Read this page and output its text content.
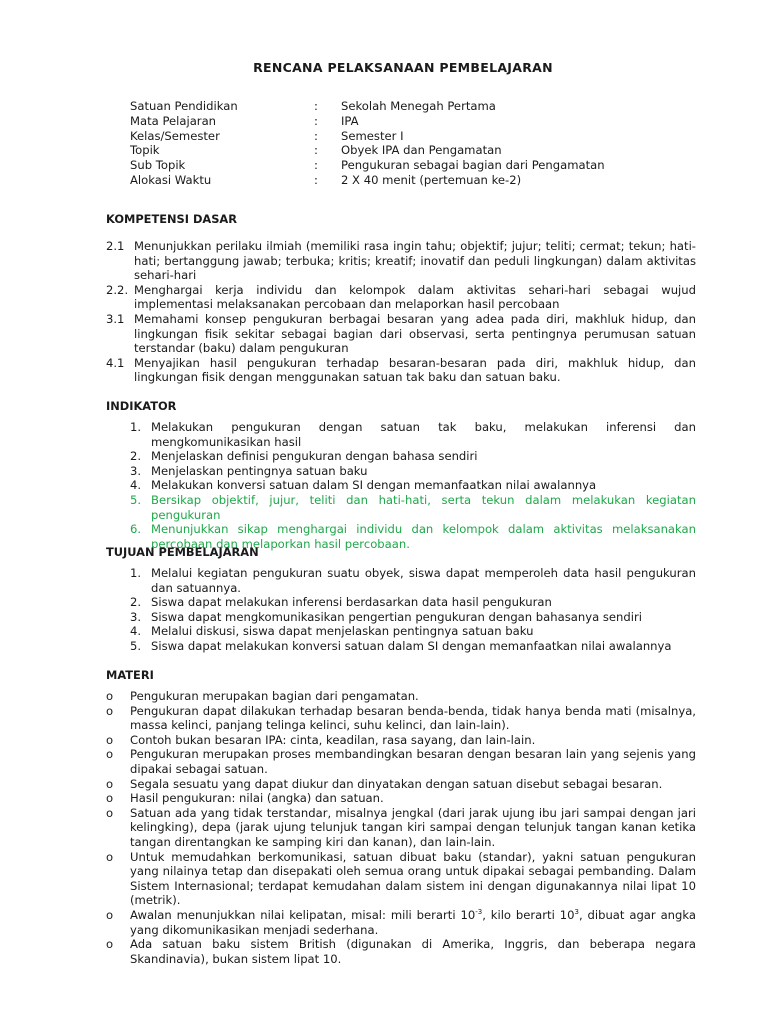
RENCANA PELAKSANAAN PEMBELAJARAN
Satuan Pendidikan	: Sekolah Menegah Pertama
Mata Pelajaran	: IPA
Kelas/Semester	: Semester I
Topik	: Obyek IPA dan Pengamatan
Sub Topik	: Pengukuran sebagai bagian dari Pengamatan
Alokasi Waktu	: 2 X 40 menit (pertemuan ke-2)
KOMPETENSI DASAR
2.1 Menunjukkan perilaku ilmiah (memiliki rasa ingin tahu; objektif; jujur; teliti; cermat; tekun; hati-hati; bertanggung jawab; terbuka; kritis; kreatif; inovatif dan peduli lingkungan) dalam aktivitas sehari-hari
2.2. Menghargai kerja individu dan kelompok dalam aktivitas sehari-hari sebagai wujud implementasi melaksanakan percobaan dan melaporkan hasil percobaan
3.1 Memahami konsep pengukuran berbagai besaran yang adea pada diri, makhluk hidup, dan lingkungan fisik sekitar sebagai bagian dari observasi, serta pentingnya perumusan satuan terstandar (baku) dalam pengukuran
4.1 Menyajikan hasil pengukuran terhadap besaran-besaran pada diri, makhluk hidup, dan lingkungan fisik dengan menggunakan satuan tak baku dan satuan baku.
INDIKATOR
1. Melakukan pengukuran dengan satuan tak baku, melakukan inferensi dan mengkomunikasikan hasil
2. Menjelaskan definisi pengukuran dengan bahasa sendiri
3. Menjelaskan pentingnya satuan baku
4. Melakukan konversi satuan dalam SI dengan memanfaatkan nilai awalannya
5. Bersikap objektif, jujur, teliti dan hati-hati, serta tekun dalam melakukan kegiatan pengukuran
6. Menunjukkan sikap menghargai individu dan kelompok dalam aktivitas melaksanakan percobaan dan melaporkan hasil percobaan.
TUJUAN PEMBELAJARAN
1. Melalui kegiatan pengukuran suatu obyek, siswa dapat memperoleh data hasil pengukuran dan satuannya.
2. Siswa dapat melakukan inferensi berdasarkan data hasil pengukuran
3. Siswa dapat mengkomunikasikan pengertian pengukuran dengan bahasanya sendiri
4. Melalui diskusi, siswa dapat menjelaskan pentingnya satuan baku
5. Siswa dapat melakukan konversi satuan dalam SI dengan memanfaatkan nilai awalannya
MATERI
o Pengukuran merupakan bagian dari pengamatan.
o Pengukuran dapat dilakukan terhadap besaran benda-benda, tidak hanya benda mati (misalnya, massa kelinci, panjang telinga kelinci, suhu kelinci, dan lain-lain).
o Contoh bukan besaran IPA: cinta, keadilan, rasa sayang, dan lain-lain.
o Pengukuran merupakan proses membandingkan besaran dengan besaran lain yang sejenis yang dipakai sebagai satuan.
o Segala sesuatu yang dapat diukur dan dinyatakan dengan satuan disebut sebagai besaran.
o Hasil pengukuran: nilai (angka) dan satuan.
o Satuan ada yang tidak terstandar, misalnya jengkal (dari jarak ujung ibu jari sampai dengan jari kelingking), depa (jarak ujung telunjuk tangan kiri sampai dengan telunjuk tangan kanan ketika tangan direntangkan ke samping kiri dan kanan), dan lain-lain.
o Untuk memudahkan berkomunikasi, satuan dibuat baku (standar), yakni satuan pengukuran yang nilainya tetap dan disepakati oleh semua orang untuk dipakai sebagai pembanding. Dalam Sistem Internasional; terdapat kemudahan dalam sistem ini dengan digunakannya nilai lipat 10 (metrik).
o Awalan menunjukkan nilai kelipatan, misal: mili berarti $10^{-3}$, kilo berarti $10^3$, dibuat agar angka yang dikomunikasikan menjadi sederhana.
o Ada satuan baku sistem British (digunakan di Amerika, Inggris, dan beberapa negara Skandinavia), bukan sistem lipat 10.
